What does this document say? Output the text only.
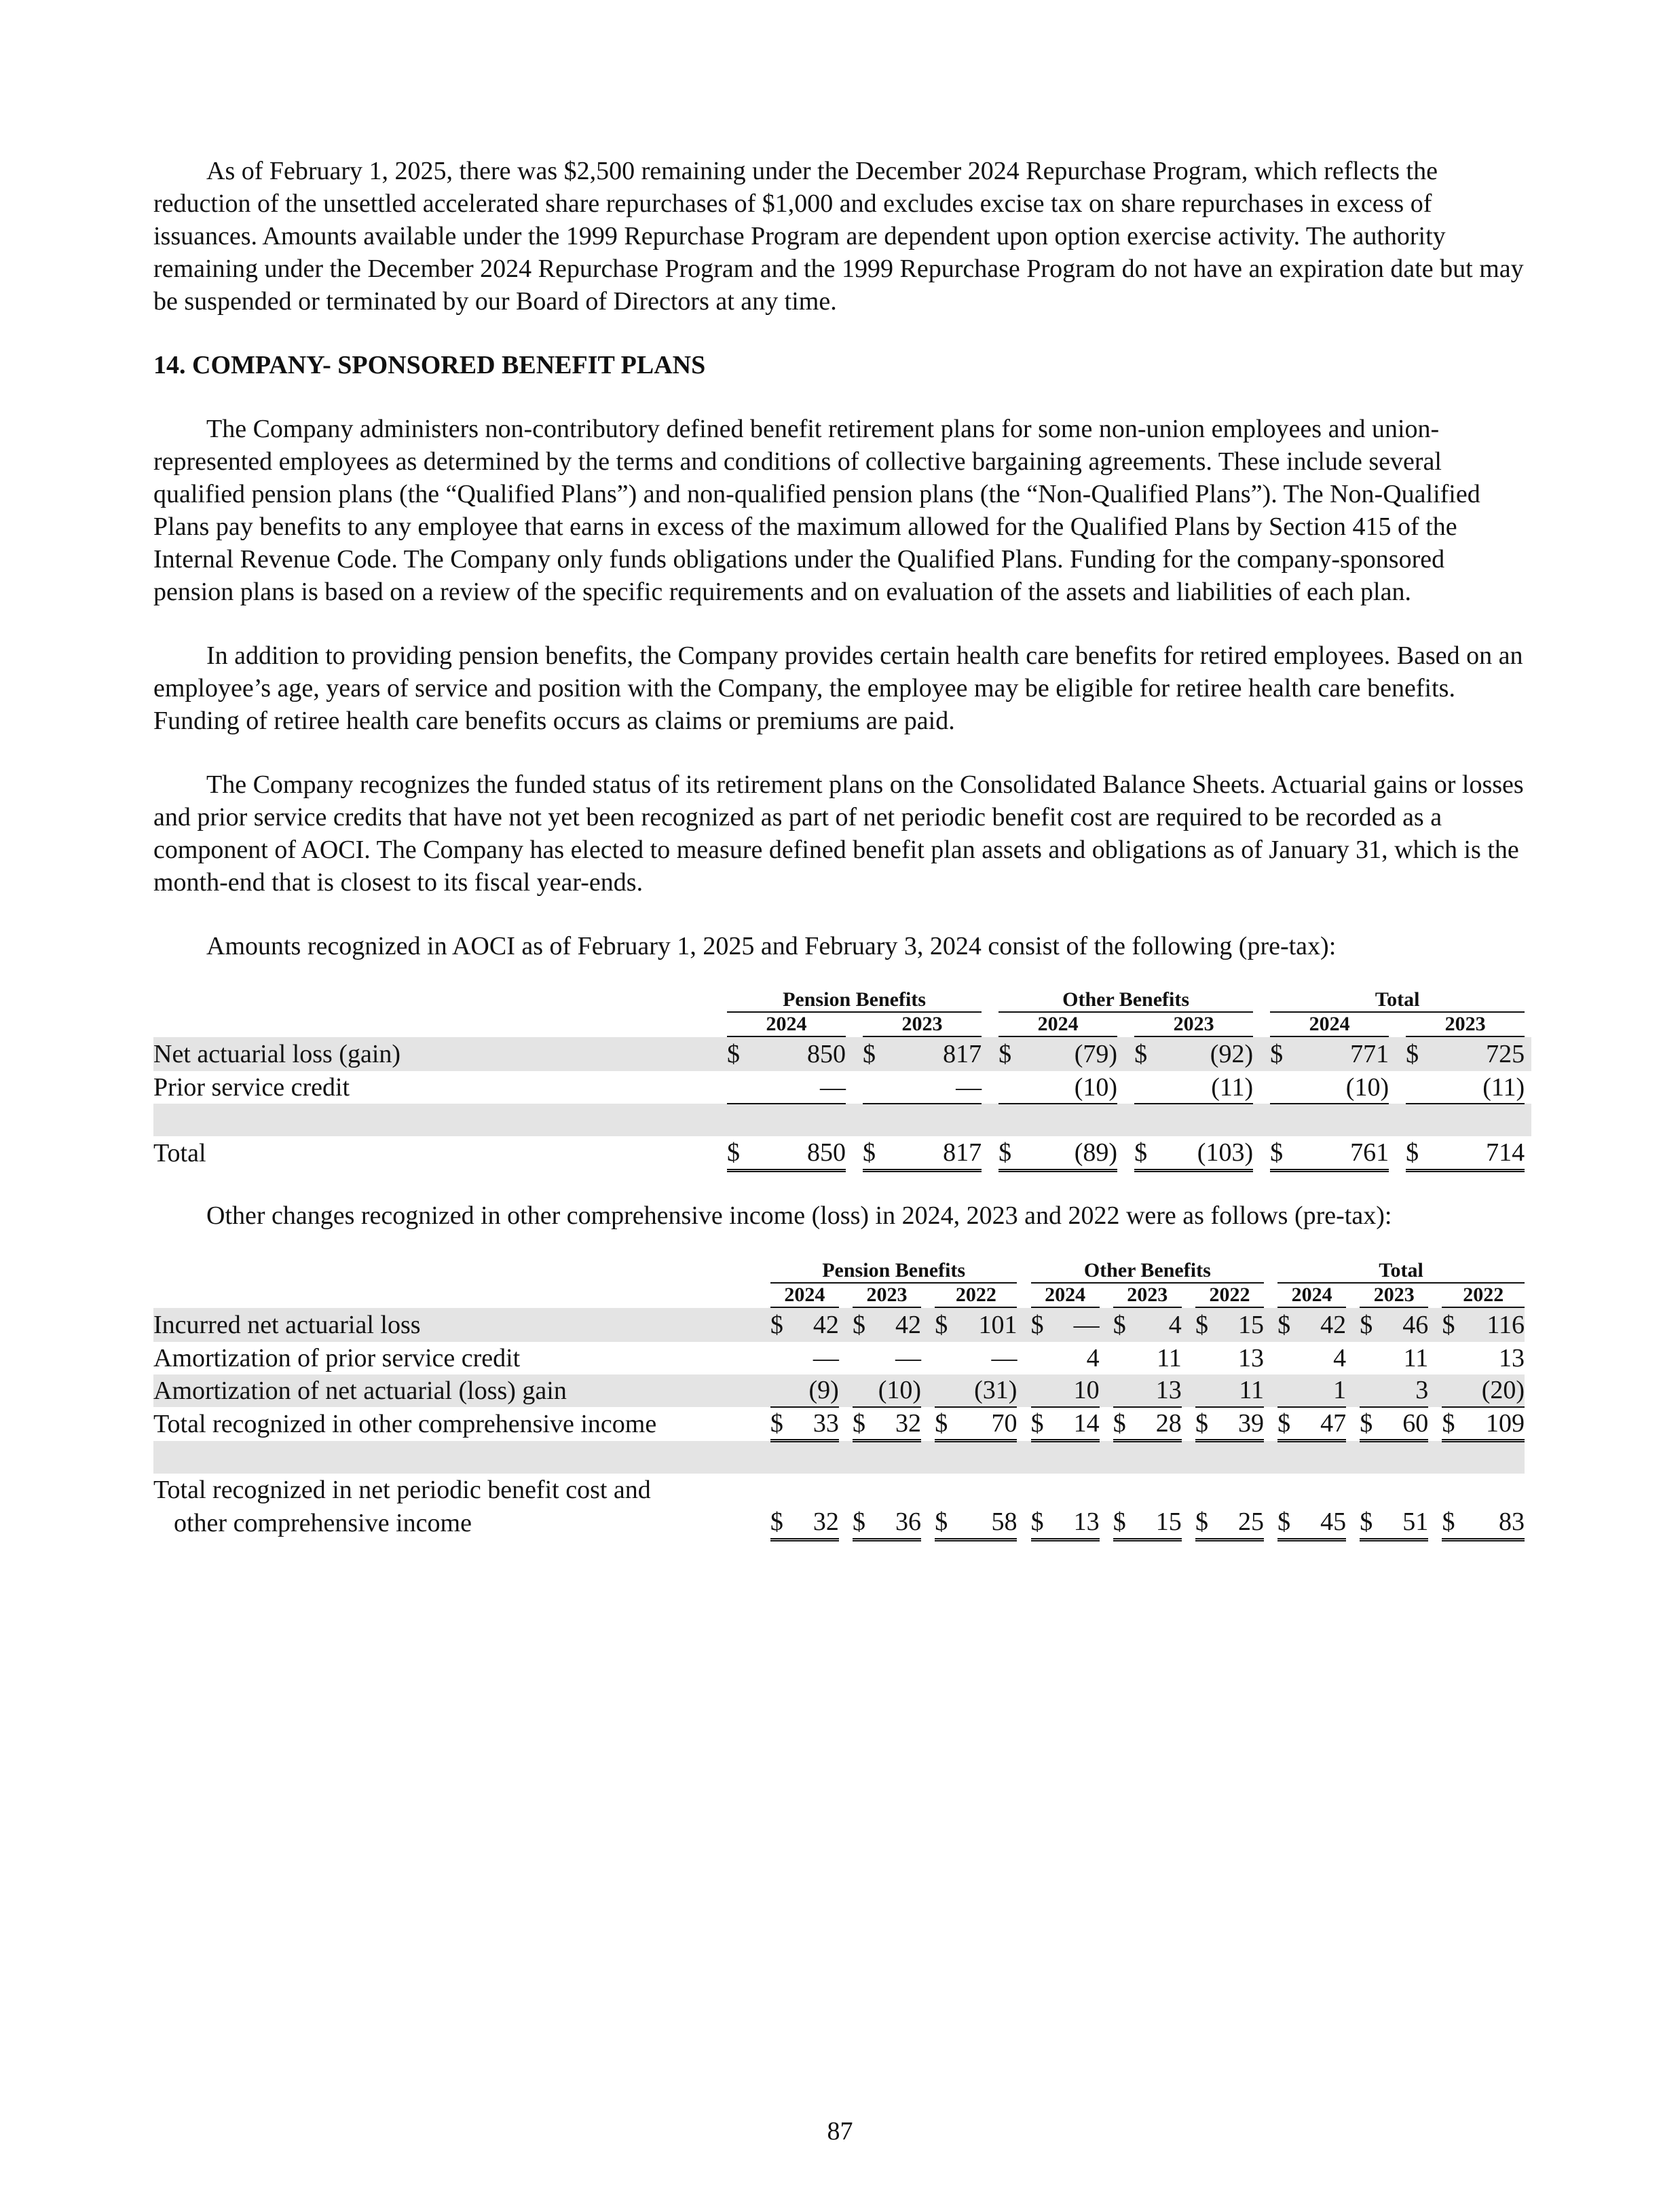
As of February 1, 2025, there was $2,500 remaining under the December 2024 Repurchase Program, which reflects the reduction of the unsettled accelerated share repurchases of $1,000 and excludes excise tax on share repurchases in excess of issuances. Amounts available under the 1999 Repurchase Program are dependent upon option exercise activity. The authority remaining under the December 2024 Repurchase Program and the 1999 Repurchase Program do not have an expiration date but may be suspended or terminated by our Board of Directors at any time.

14. COMPANY- SPONSORED BENEFIT PLANS

The Company administers non-contributory defined benefit retirement plans for some non-union employees and union-represented employees as determined by the terms and conditions of collective bargaining agreements. These include several qualified pension plans (the “Qualified Plans”) and non-qualified pension plans (the “Non-Qualified Plans”). The Non-Qualified Plans pay benefits to any employee that earns in excess of the maximum allowed for the Qualified Plans by Section 415 of the Internal Revenue Code. The Company only funds obligations under the Qualified Plans. Funding for the company-sponsored pension plans is based on a review of the specific requirements and on evaluation of the assets and liabilities of each plan.

In addition to providing pension benefits, the Company provides certain health care benefits for retired employees. Based on an employee’s age, years of service and position with the Company, the employee may be eligible for retiree health care benefits. Funding of retiree health care benefits occurs as claims or premiums are paid.

The Company recognizes the funded status of its retirement plans on the Consolidated Balance Sheets. Actuarial gains or losses and prior service credits that have not yet been recognized as part of net periodic benefit cost are required to be recorded as a component of AOCI. The Company has elected to measure defined benefit plan assets and obligations as of January 31, which is the month-end that is closest to its fiscal year-ends.

Amounts recognized in AOCI as of February 1, 2025 and February 3, 2024 consist of the following (pre-tax):

		Pension Benefits						Other Benefits						Total					

		2024			2023			2024			2023			2024			2023		

Net actuarial loss (gain)		$	850		$	817		$	(79)		$	(92)		$	771		$	725	
Prior service credit			—			—			(10)			(11)			(10)			(11)	

Total		$	850		$	817		$	(89)		$	(103)		$	761		$	714	

Other changes recognized in other comprehensive income (loss) in 2024, 2023 and 2022 were as follows (pre-tax):

		Pension Benefits									Other Benefits									Total							

		2024			2023			2022			2024			2023			2022			2024			2023			2022	

Incurred net actuarial loss		$	42		$	42		$	101		$	—		$	4		$	15		$	42		$	46		$	116
Amortization of prior service credit			—			—			—			4			11			13			4			11			13
Amortization of net actuarial (loss) gain			(9)			(10)			(31)			10			13			11			1			3			(20)
Total recognized in other comprehensive income		$	33		$	32		$	70		$	14		$	28		$	39		$	47		$	60		$	109

Total recognized in net periodic benefit cost and																											
other comprehensive income		$	32		$	36		$	58		$	13		$	15		$	25		$	45		$	51		$	83
87
